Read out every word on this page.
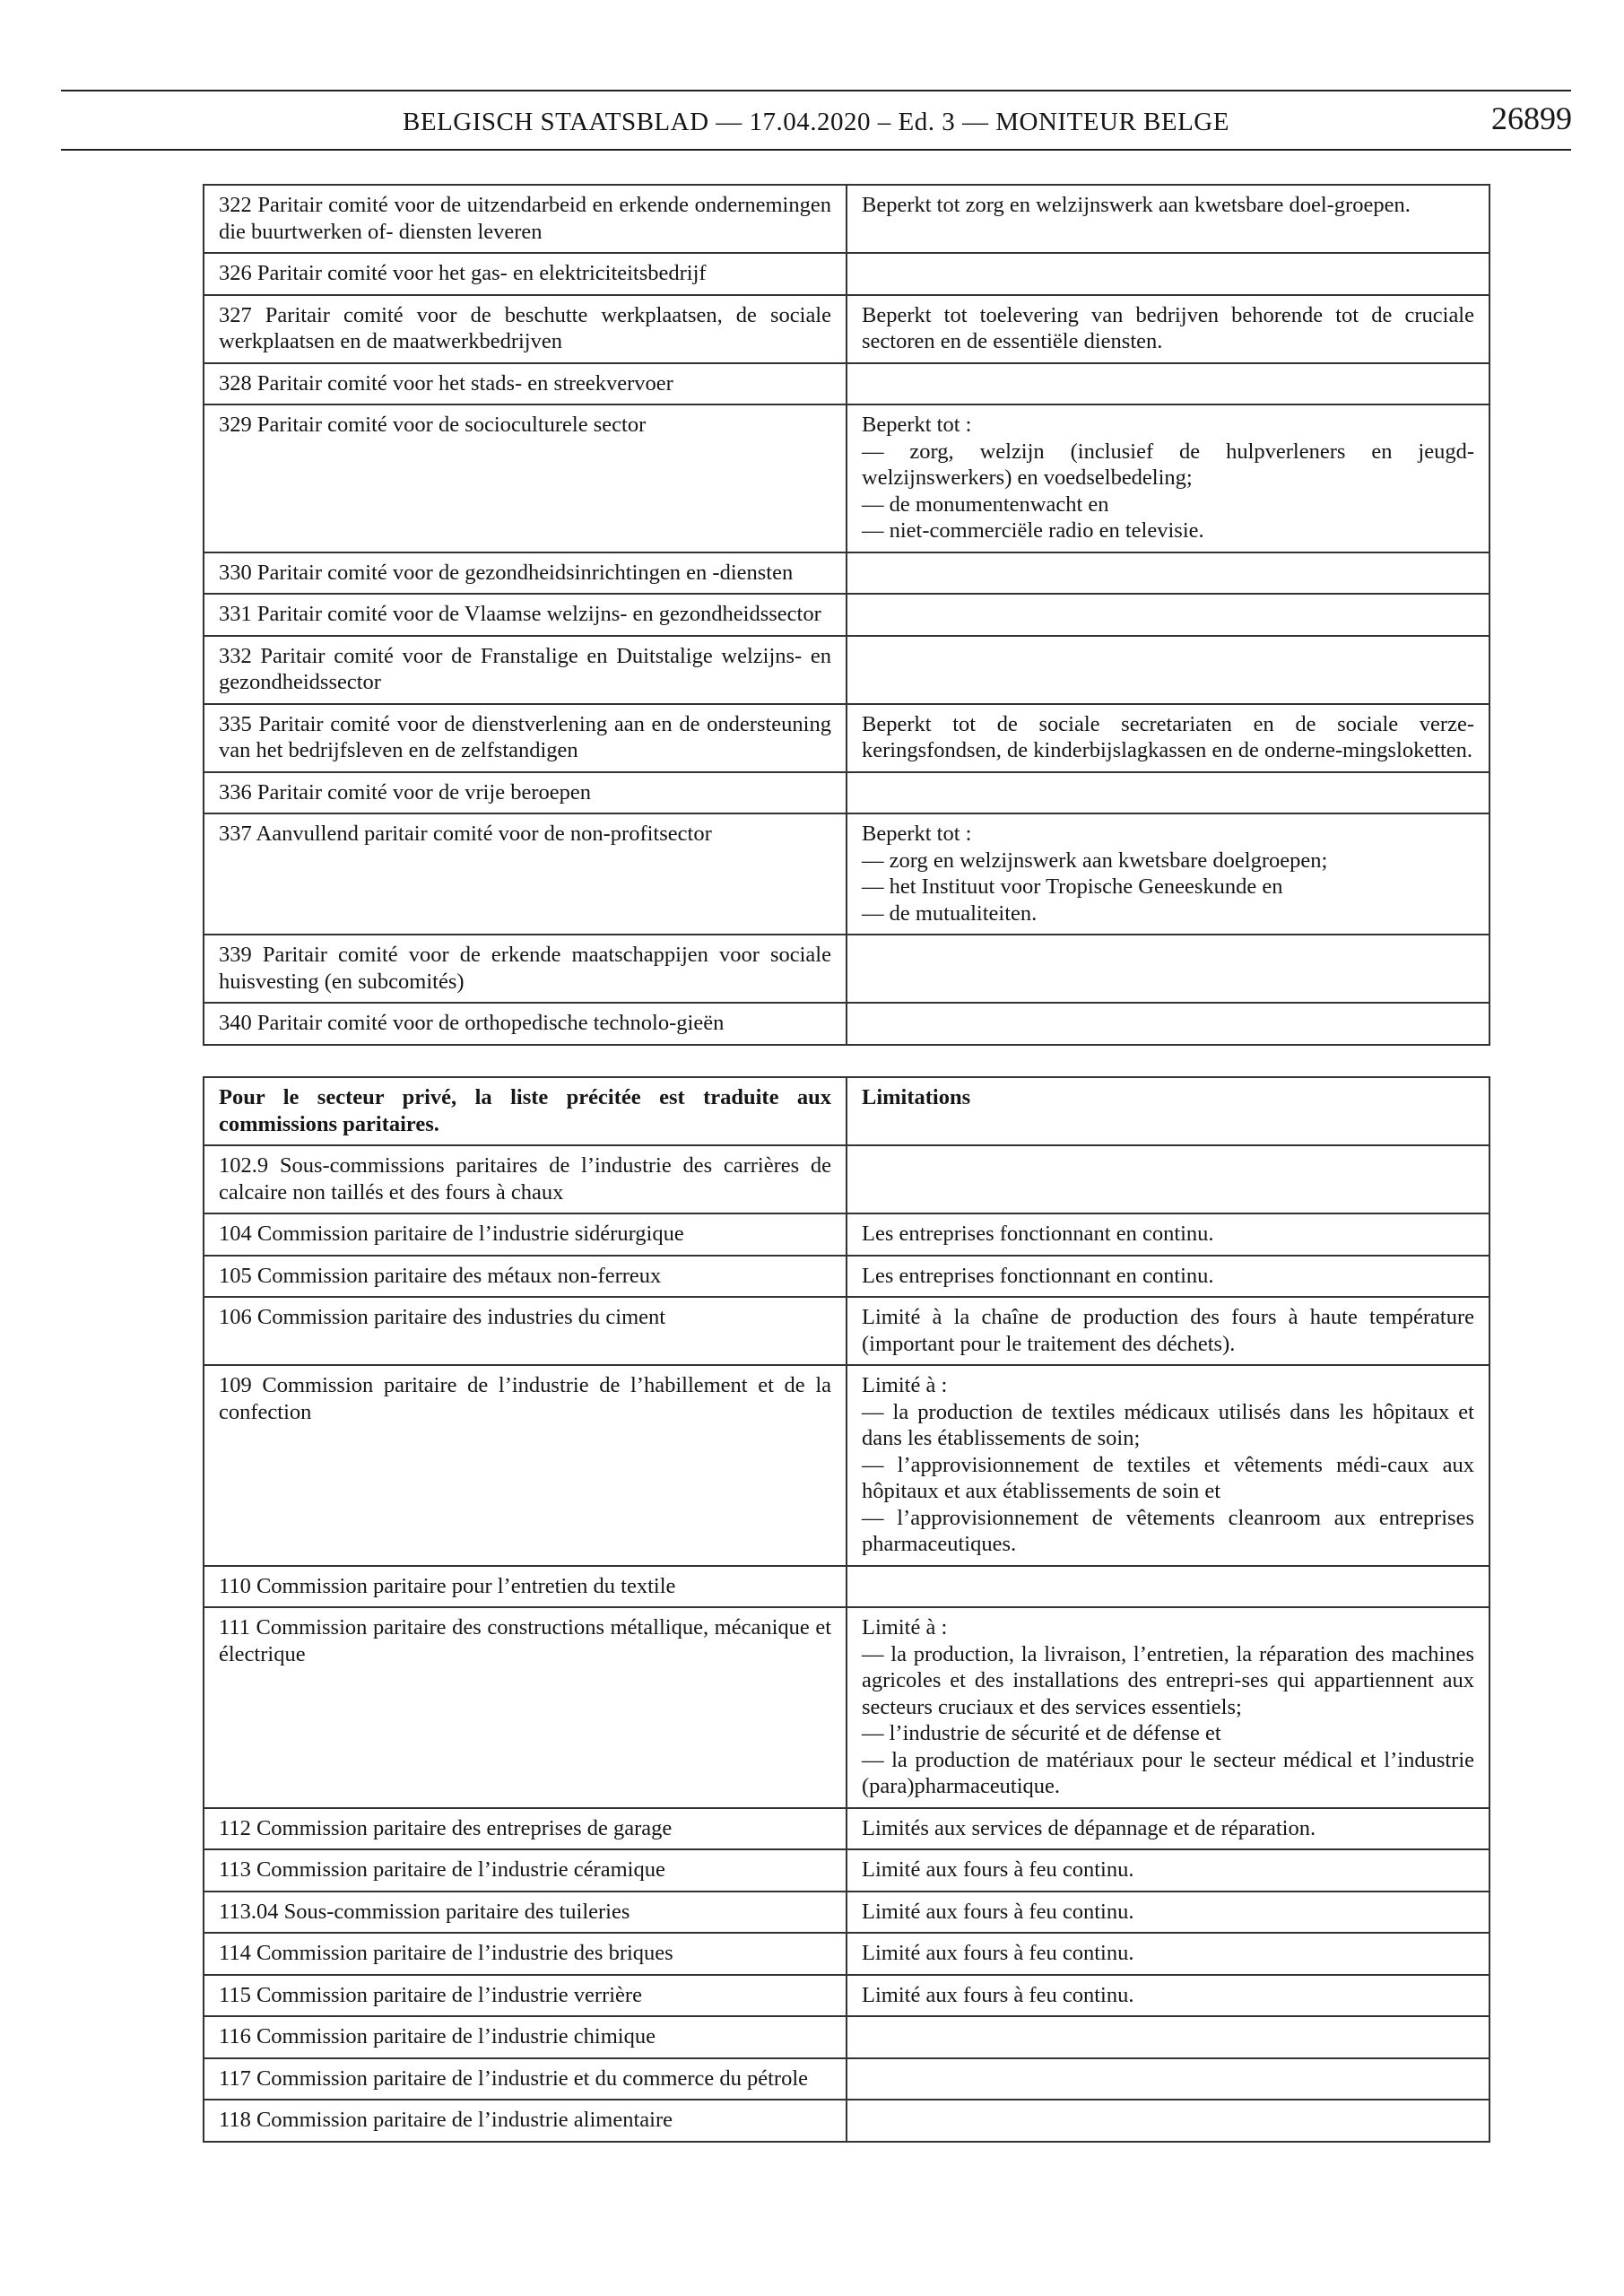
BELGISCH STAATSBLAD — 17.04.2020 – Ed. 3 — MONITEUR BELGE	26899
322 Paritair comité voor de uitzendarbeid en erkende ondernemingen die buurtwerken of- diensten leveren	Beperkt tot zorg en welzijnswerk aan kwetsbare doel-groepen.

326 Paritair comité voor het gas- en elektriciteitsbedrijf	
327 Paritair comité voor de beschutte werkplaatsen, de sociale werkplaatsen en de maatwerkbedrijven	Beperkt tot toelevering van bedrijven behorende tot de cruciale sectoren en de essentiële diensten.

328 Paritair comité voor het stads- en streekvervoer	
329 Paritair comité voor de socioculturele sector	Beperkt tot :
— zorg, welzijn (inclusief de hulpverleners en jeugd-welzijnswerkers) en voedselbedeling;
— de monumentenwacht en
— niet-commerciële radio en televisie.

330 Paritair comité voor de gezondheidsinrichtingen en -diensten	
331 Paritair comité voor de Vlaamse welzijns- en gezondheidssector	
332 Paritair comité voor de Franstalige en Duitstalige welzijns- en gezondheidssector	
335 Paritair comité voor de dienstverlening aan en de ondersteuning van het bedrijfsleven en de zelfstandigen	Beperkt tot de sociale secretariaten en de sociale verze-keringsfondsen, de kinderbijslagkassen en de onderne-mingsloketten.

336 Paritair comité voor de vrije beroepen	
337 Aanvullend paritair comité voor de non-profitsector	Beperkt tot :
— zorg en welzijnswerk aan kwetsbare doelgroepen;
— het Instituut voor Tropische Geneeskunde en
— de mutualiteiten.

339 Paritair comité voor de erkende maatschappijen voor sociale huisvesting (en subcomités)	
340 Paritair comité voor de orthopedische technolo-gieën	
Pour le secteur privé, la liste précitée est traduite aux commissions paritaires.	Limitations
102.9 Sous-commissions paritaires de l’industrie des carrières de calcaire non taillés et des fours à chaux	
104 Commission paritaire de l’industrie sidérurgique	Les entreprises fonctionnant en continu.

105 Commission paritaire des métaux non-ferreux	Les entreprises fonctionnant en continu.

106 Commission paritaire des industries du ciment	Limité à la chaîne de production des fours à haute température (important pour le traitement des déchets).

109 Commission paritaire de l’industrie de l’habillement et de la confection	Limité à :
— la production de textiles médicaux utilisés dans les hôpitaux et dans les établissements de soin;
— l’approvisionnement de textiles et vêtements médi-caux aux hôpitaux et aux établissements de soin et
— l’approvisionnement de vêtements cleanroom aux entreprises pharmaceutiques.

110 Commission paritaire pour l’entretien du textile	
111 Commission paritaire des constructions métallique, mécanique et électrique	Limité à :
— la production, la livraison, l’entretien, la réparation des machines agricoles et des installations des entrepri-ses qui appartiennent aux secteurs cruciaux et des services essentiels;
— l’industrie de sécurité et de défense et
— la production de matériaux pour le secteur médical et l’industrie (para)pharmaceutique.

112 Commission paritaire des entreprises de garage	Limités aux services de dépannage et de réparation.

113 Commission paritaire de l’industrie céramique	Limité aux fours à feu continu.

113.04 Sous-commission paritaire des tuileries	Limité aux fours à feu continu.

114 Commission paritaire de l’industrie des briques	Limité aux fours à feu continu.

115 Commission paritaire de l’industrie verrière	Limité aux fours à feu continu.

116 Commission paritaire de l’industrie chimique	
117 Commission paritaire de l’industrie et du commerce du pétrole	
118 Commission paritaire de l’industrie alimentaire	
